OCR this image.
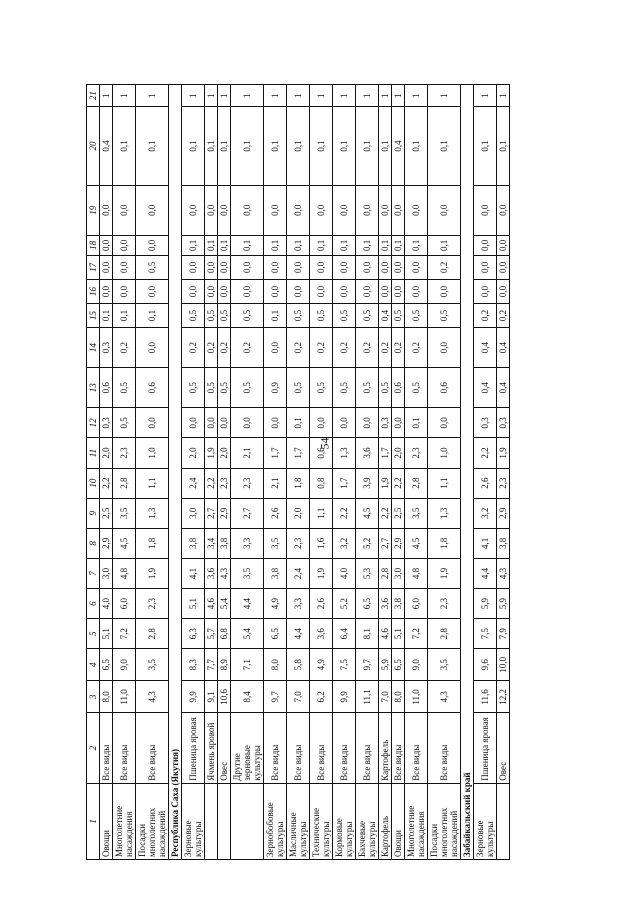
54
1	2	3	4	5	6	7	8	9	10	11	12	13	14	15	16	17	18	19	20	21
Овощи	Все виды	8,0	6,5	5,1	4,0	3,0	2,9	2,5	2,2	2,0	0,3	0,6	0,3	0,1	0,0	0,0	0,0	0,0	0,4	1
Многолетние насаждения	Все виды	11,0	9,0	7,2	6,0	4,8	4,5	3,5	2,8	2,3	0,5	0,5	0,2	0,1	0,0	0,0	0,0	0,0	0,1	1
Посадки многолетних насаждений	Все виды	4,3	3,5	2,8	2,3	1,9	1,8	1,3	1,1	1,0	0,0	0,6	0,0	0,1	0,0	0,5	0,0	0,0	0,1	1
Республика Саха (Якутия)																				
Зерновые культуры	Пшеница яровая	9,9	8,3	6,3	5,1	4,1	3,8	3,0	2,4	2,0	0,0	0,5	0,2	0,5	0,0	0,0	0,1	0,0	0,1	1
	Ячмень яровой	9,1	7,7	5,7	4,6	3,6	3,4	2,7	2,2	1,9	0,0	0,5	0,2	0,5	0,0	0,0	0,1	0,0	0,1	1
	Овес	10,6	8,9	6,8	5,4	4,3	3,8	2,9	2,3	2,0	0,0	0,5	0,2	0,5	0,0	0,0	0,1	0,0	0,1	1
	Другие зерновые культуры	8,4	7,1	5,4	4,4	3,5	3,3	2,7	2,3	2,1	0,0	0,5	0,2	0,5	0,0	0,0	0,1	0,0	0,1	1
Зернобобовые культуры	Все виды	9,7	8,0	6,5	4,9	3,8	3,5	2,6	2,1	1,7	0,0	0,9	0,0	0,1	0,0	0,0	0,1	0,0	0,1	1
Масличные культуры	Все виды	7,0	5,8	4,4	3,3	2,4	2,3	2,0	1,8	1,7	0,1	0,5	0,2	0,5	0,0	0,0	0,1	0,0	0,1	1
Технические культуры	Все виды	6,2	4,9	3,6	2,6	1,9	1,6	1,1	0,8	0,6	0,0	0,5	0,2	0,5	0,0	0,0	0,1	0,0	0,1	1
Кормовые культуры	Все виды	9,9	7,5	6,4	5,2	4,0	3,2	2,2	1,7	1,3	0,0	0,5	0,2	0,5	0,0	0,0	0,1	0,0	0,1	1
Бахчевые культуры	Все виды	11,1	9,7	8,1	6,5	5,3	5,2	4,5	3,9	3,6	0,0	0,5	0,2	0,5	0,0	0,0	0,1	0,0	0,1	1
Картофель	Картофель	7,0	5,9	4,6	3,6	2,8	2,7	2,2	1,9	1,7	0,3	0,5	0,2	0,4	0,0	0,0	0,1	0,0	0,1	1
Овощи	Все виды	8,0	6,5	5,1	3,8	3,0	2,9	2,5	2,2	2,0	0,0	0,6	0,2	0,5	0,0	0,0	0,1	0,0	0,4	1
Многолетние насаждения	Все виды	11,0	9,0	7,2	6,0	4,8	4,5	3,5	2,8	2,3	0,1	0,5	0,2	0,5	0,0	0,0	0,1	0,0	0,1	1
Посадки многолетних насаждений	Все виды	4,3	3,5	2,8	2,3	1,9	1,8	1,3	1,1	1,0	0,0	0,6	0,0	0,5	0,0	0,2	0,1	0,0	0,1	1
Забайкальский край																				
Зерновые культуры	Пшеница яровая	11,6	9,6	7,5	5,9	4,4	4,1	3,2	2,6	2,2	0,3	0,4	0,4	0,2	0,0	0,0	0,0	0,0	0,1	1
	Овес	12,2	10,0	7,9	5,9	4,3	3,8	2,9	2,3	1,9	0,3	0,4	0,4	0,2	0,0	0,0	0,0	0,0	0,1	1
